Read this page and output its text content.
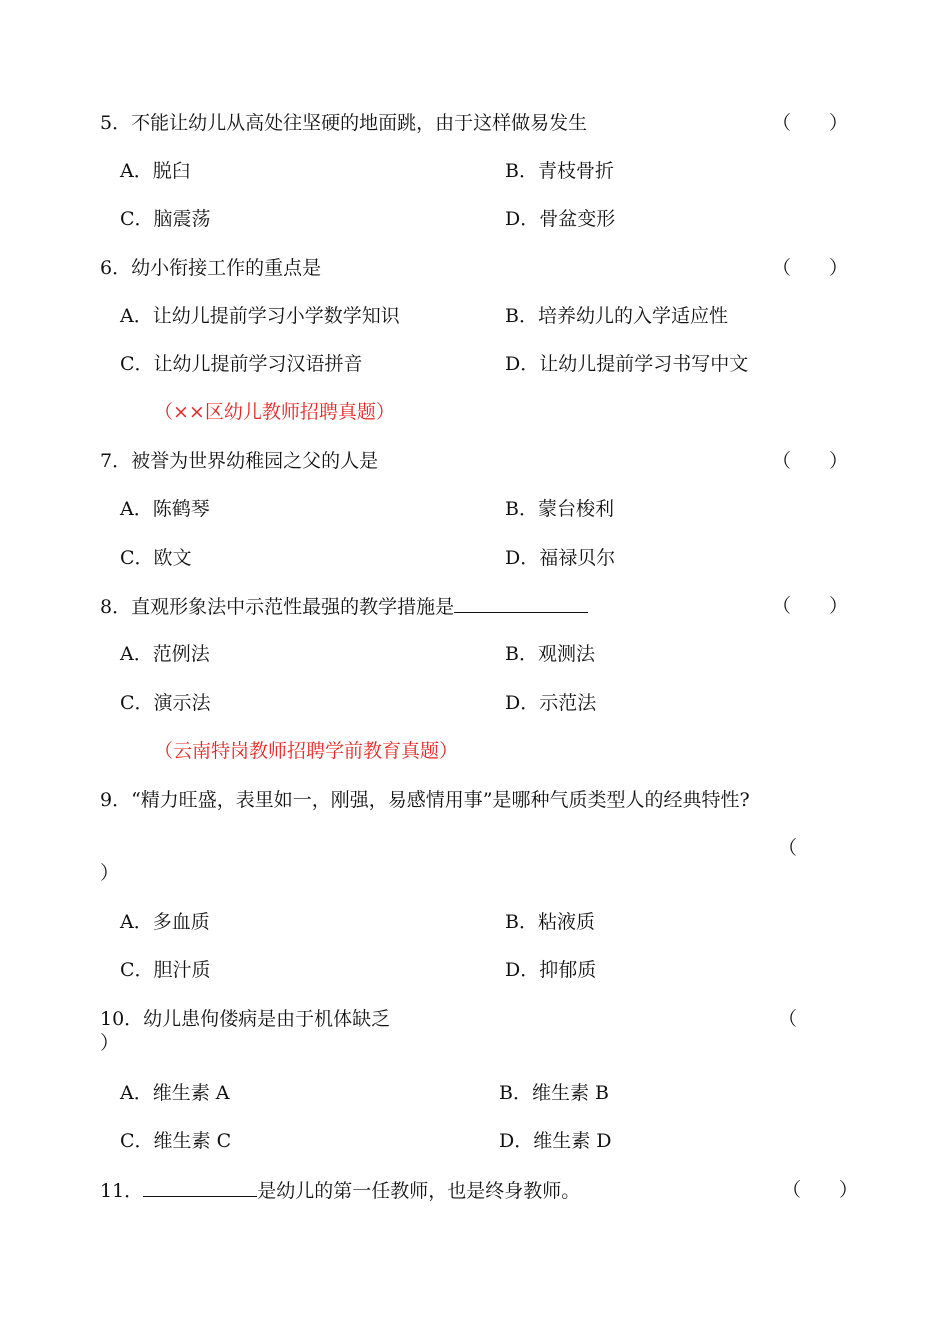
5．不能让幼儿从高处往坚硬的地面跳，由于这样做易发生	（　　）
A．脱臼	B．青枝骨折
C．脑震荡	D．骨盆变形
6．幼小衔接工作的重点是	（　　）
A．让幼儿提前学习小学数学知识	B．培养幼儿的入学适应性
C．让幼儿提前学习汉语拼音	D．让幼儿提前学习书写中文
（××区幼儿教师招聘真题）
7．被誉为世界幼稚园之父的人是	（　　）
A．陈鹤琴	B．蒙台梭利
C．欧文	D．福禄贝尔
8．直观形象法中示范性最强的教学措施是	（　　）
A．范例法	B．观测法
C．演示法	D．示范法
（云南特岗教师招聘学前教育真题）
9．“精力旺盛，表里如一，刚强，易感情用事”是哪种气质类型人的经典特性?
（
）
A．多血质	B．粘液质
C．胆汁质	D．抑郁质
10．幼儿患佝偻病是由于机体缺乏	（
）
A．维生素 A	B．维生素 B
C．维生素 C	D．维生素 D
11．	是幼儿的第一任教师，也是终身教师。	（　　）
